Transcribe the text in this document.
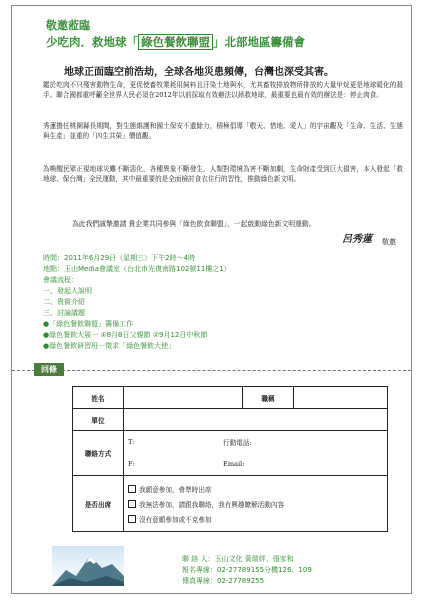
敬邀蒞臨
少吃肉．救地球「 綠色餐飲聯盟 」北部地區籌備會
地球正面臨空前浩劫，全球各地災患頻傳，台灣也深受其害。
鑑於吃肉不只殘害動物生命，更促使畜牧業耗用飼料且汙染土地與水，尤其畜牧排放物所排放的大量甲烷更是地球暖化的殺手。聯合國都重呼籲全世界人民必須在2012年以前採取有效辦法以拯救地球，最重要也最有效的辦法是：停止肉食。
秀蓮擔任桃園縣長期間，對生態維護和國土保安不遺餘力，積極倡導「敬天、惜地、愛人」的宇宙觀及「生命、生活、生態與生產」並重的「四生共榮」價值觀。
為喚醒民眾正視地球災難不斷惡化，各種異象不斷發生，人類對環境為害不斷加劇，生命財產受到巨大損害，本人發起「救地球、保台灣」全民運動，其中最重要的是全面檢討食衣住行的習性，推動綠色新文明。
為此我們誠摯邀請 貴企業共同參與「綠色飲食聯盟」，一起啟動綠色新文明運動。
呂秀蓮 敬邀
時間：2011年6月29日（星期三）下午2時～4時
地點：玉山Media會議室（台北市光復南路102號11樓之1）
會議流程：
一、發起人說明
二、貴賓介紹
三、討論議題
●「綠色餐飲聯盟」籌備工作
●綠色餐飲大展一 ①8月8日父親節 ②9月12日中秋節
●綠色餐飲研習班一徵求「綠色餐飲大使」
回條
姓名		職稱	
單位			
聯絡方式	T: 行動電話:
F: Email:		

是否出席	我願意參加，會準時出席
我無法參加，請跟我聯絡，我有興趣瞭解活動內容
沒有意願參加或不克參加		
聯 絡 人：玉山文化 黃瑞絆、張家和
報名專線：02-27789155分機126、109
傳真專線：02-27789255
